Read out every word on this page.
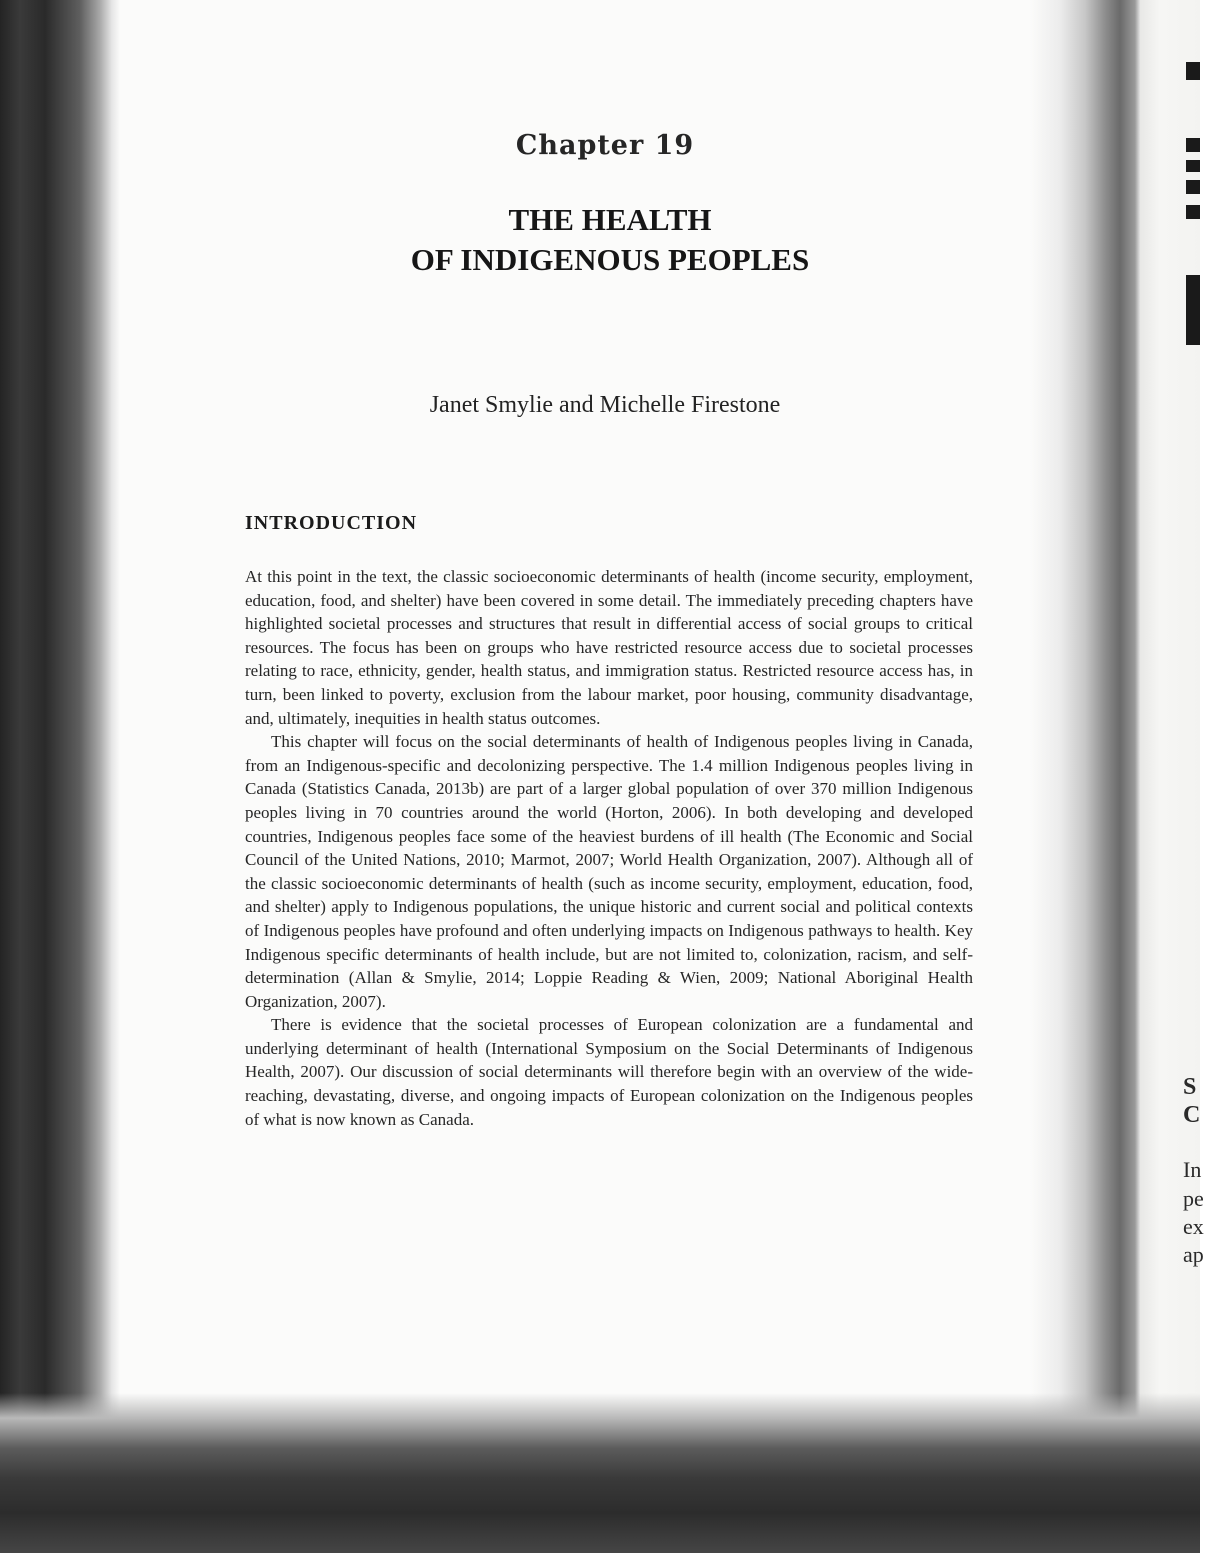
Chapter 19
THE HEALTH
OF INDIGENOUS PEOPLES
Janet Smylie and Michelle Firestone
INTRODUCTION

At this point in the text, the classic socioeconomic determinants of health (income security, employment, education, food, and shelter) have been covered in some detail. The immediately preceding chapters have highlighted societal processes and structures that result in differential access of social groups to critical resources. The focus has been on groups who have restricted resource access due to societal processes relating to race, ethnicity, gender, health status, and immigration status. Restricted resource access has, in turn, been linked to poverty, exclusion from the labour market, poor housing, community disadvantage, and, ultimately, inequities in health status outcomes.

This chapter will focus on the social determinants of health of Indigenous peoples living in Canada, from an Indigenous-specific and decolonizing perspective. The 1.4 million Indigenous peoples living in Canada (Statistics Canada, 2013b) are part of a larger global population of over 370 million Indigenous peoples living in 70 countries around the world (Horton, 2006). In both developing and developed countries, Indigenous peoples face some of the heaviest burdens of ill health (The Economic and Social Council of the United Nations, 2010; Marmot, 2007; World Health Organization, 2007). Although all of the classic socioeconomic determinants of health (such as income security, employment, education, food, and shelter) apply to Indigenous populations, the unique historic and current social and political contexts of Indigenous peoples have profound and often underlying impacts on Indigenous pathways to health. Key Indigenous specific determinants of health include, but are not limited to, colonization, racism, and self-determination (Allan & Smylie, 2014; Loppie Reading & Wien, 2009; National Aboriginal Health Organization, 2007).

There is evidence that the societal processes of European colonization are a fundamental and underlying determinant of health (International Symposium on the Social Determinants of Indigenous Health, 2007). Our discussion of social determinants will therefore begin with an overview of the wide-reaching, devastating, diverse, and ongoing impacts of European colonization on the Indigenous peoples of what is now known as Canada.

S
C
In
pe
ex
ap
